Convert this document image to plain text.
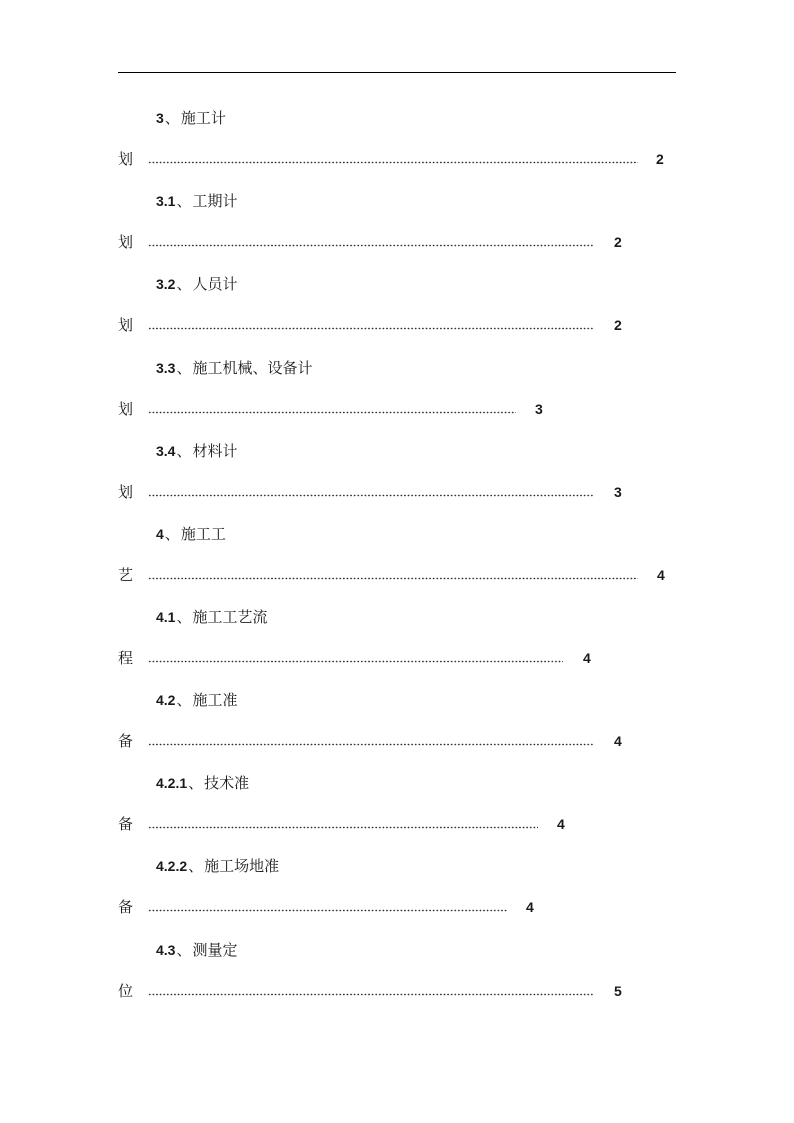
3、施工计
划	2
3.1、工期计
划	2
3.2、人员计
划	2
3.3、施工机械、设备计
划	3
3.4、材料计
划	3
4、施工工
艺	4
4.1、施工工艺流
程	4
4.2、施工准
备	4
4.2.1、技术准
备	4
4.2.2、施工场地准
备	4
4.3、测量定
位	5
